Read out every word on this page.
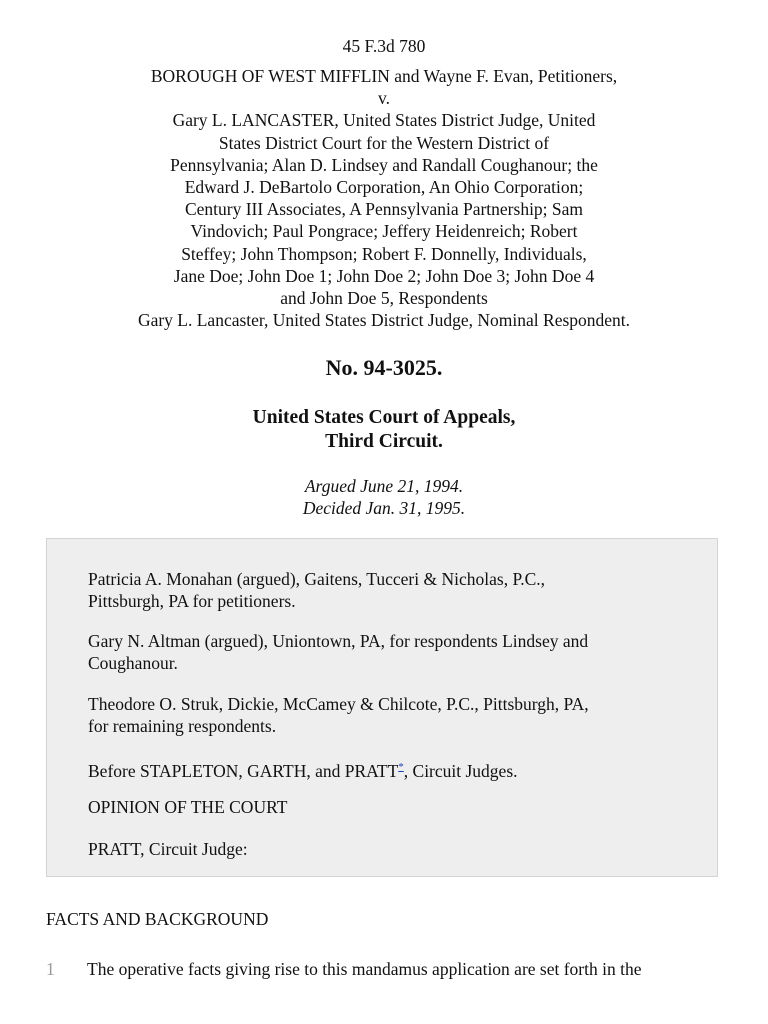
45 F.3d 780
BOROUGH OF WEST MIFFLIN and Wayne F. Evan, Petitioners,
v.
Gary L. LANCASTER, United States District Judge, United
States District Court for the Western District of
Pennsylvania; Alan D. Lindsey and Randall Coughanour; the
Edward J. DeBartolo Corporation, An Ohio Corporation;
Century III Associates, A Pennsylvania Partnership; Sam
Vindovich; Paul Pongrace; Jeffery Heidenreich; Robert
Steffey; John Thompson; Robert F. Donnelly, Individuals,
Jane Doe; John Doe 1; John Doe 2; John Doe 3; John Doe 4
and John Doe 5, Respondents
Gary L. Lancaster, United States District Judge, Nominal Respondent.
No. 94-3025.
United States Court of Appeals,
Third Circuit.
Argued June 21, 1994.
Decided Jan. 31, 1995.

Patricia A. Monahan (argued), Gaitens, Tucceri & Nicholas, P.C.,
Pittsburgh, PA for petitioners.

Gary N. Altman (argued), Uniontown, PA, for respondents Lindsey and
Coughanour.

Theodore O. Struk, Dickie, McCamey & Chilcote, P.C., Pittsburgh, PA,
for remaining respondents.

Before STAPLETON, GARTH, and PRATT*, Circuit Judges.

OPINION OF THE COURT

PRATT, Circuit Judge:

FACTS AND BACKGROUND
1 The operative facts giving rise to this mandamus application are set forth in the
